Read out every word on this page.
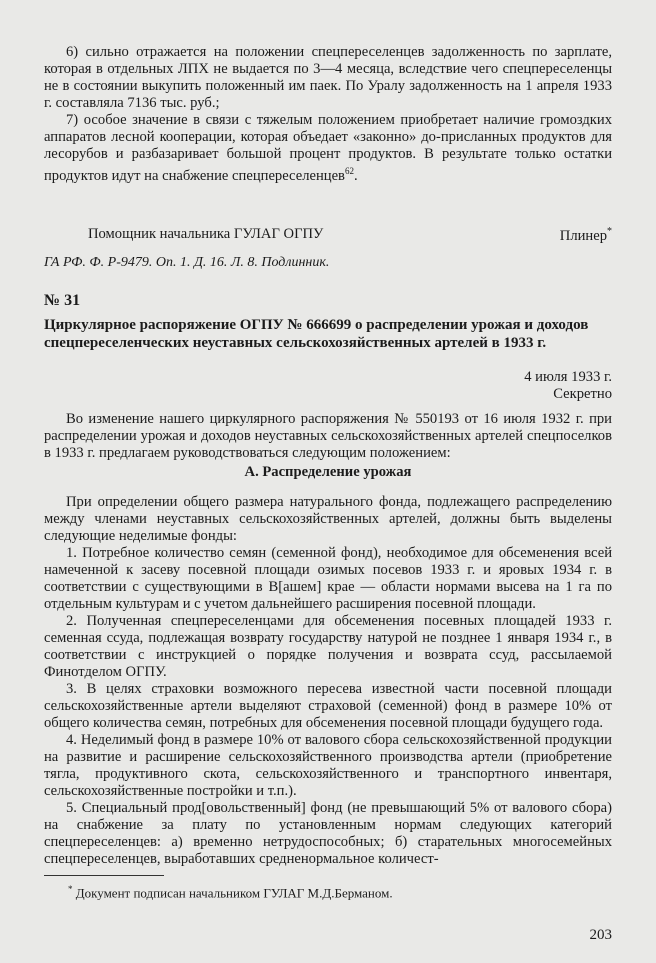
6) сильно отражается на положении спецпереселенцев задолженность по зарплате, которая в отдельных ЛПХ не выдается по 3—4 месяца, вследствие чего спецпереселенцы не в состоянии выкупить положенный им паек. По Уралу задолженность на 1 апреля 1933 г. составляла 7136 тыс. руб.;

7) особое значение в связи с тяжелым положением приобретает наличие громоздких аппаратов лесной кооперации, которая объедает «законно» до-присланных продуктов для лесорубов и разбазаривает большой процент продуктов. В результате только остатки продуктов идут на снабжение спецпереселенцев$^{62}$.

Помощник начальника ГУЛАГ ОГПУ	Плинер*
ГА РФ. Ф. Р-9479. Оп. 1. Д. 16. Л. 8. Подлинник.
№ 31
Циркулярное распоряжение ОГПУ № 666699 о распределении урожая и доходов спецпереселенческих неуставных сельскохозяйственных артелей в 1933 г.
4 июля 1933 г.
Секретно

Во изменение нашего циркулярного распоряжения № 550193 от 16 июля 1932 г. при распределении урожая и доходов неуставных сельскохозяйственных артелей спецпоселков в 1933 г. предлагаем руководствоваться следующим положением:

А. Распределение урожая

При определении общего размера натурального фонда, подлежащего распределению между членами неуставных сельскохозяйственных артелей, должны быть выделены следующие неделимые фонды:

1. Потребное количество семян (семенной фонд), необходимое для обсеменения всей намеченной к засеву посевной площади озимых посевов 1933 г. и яровых 1934 г. в соответствии с существующими в В[ашем] крае — области нормами высева на 1 га по отдельным культурам и с учетом дальнейшего расширения посевной площади.

2. Полученная спецпереселенцами для обсеменения посевных площадей 1933 г. семенная ссуда, подлежащая возврату государству натурой не позднее 1 января 1934 г., в соответствии с инструкцией о порядке получения и возврата ссуд, рассылаемой Финотделом ОГПУ.

3. В целях страховки возможного пересева известной части посевной площади сельскохозяйственные артели выделяют страховой (семенной) фонд в размере 10% от общего количества семян, потребных для обсеменения посевной площади будущего года.

4. Неделимый фонд в размере 10% от валового сбора сельскохозяйственной продукции на развитие и расширение сельскохозяйственного производства артели (приобретение тягла, продуктивного скота, сельскохозяйственного и транспортного инвентаря, сельскохозяйственные постройки и т.п.).

5. Специальный прод[овольственный] фонд (не превышающий 5% от валового сбора) на снабжение за плату по установленным нормам следующих категорий спецпереселенцев: а) временно нетрудоспособных; б) старательных многосемейных спецпереселенцев, выработавших средненормальное количест-

* Документ подписан начальником ГУЛАГ М.Д.Берманом.
203
